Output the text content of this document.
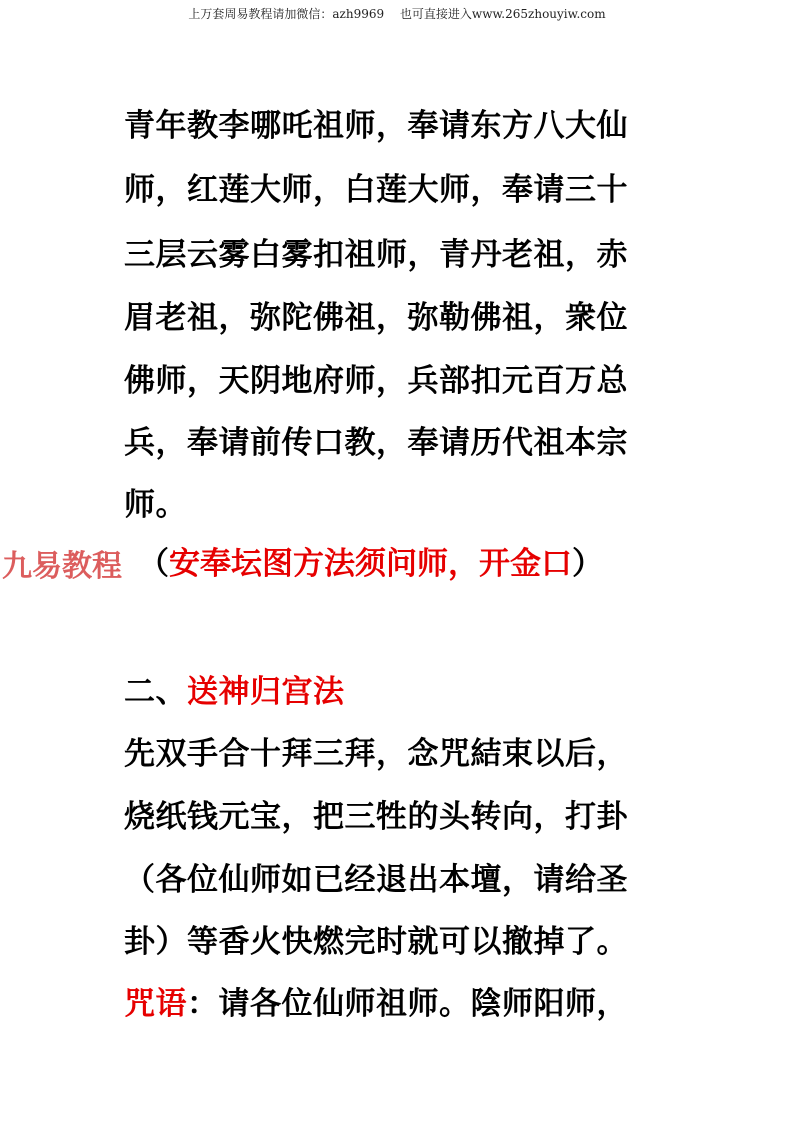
上万套周易教程请加微信：azh9969　 也可直接进入www.265zhouyiw.com
青年教李哪吒祖师，奉请东方八大仙
师，红莲大师，白莲大师，奉请三十
三层云雾白雾扣祖师，青丹老祖，赤
眉老祖，弥陀佛祖，弥勒佛祖，衆位
佛师，天阴地府师，兵部扣元百万总
兵，奉请前传口教，奉请历代祖本宗
师。
九易教程 （安奉坛图方法须问师，开金口）
二、送神归宫法
先双手合十拜三拜，念咒結束以后，
烧纸钱元宝，把三牲的头转向，打卦
（各位仙师如已经退出本壇，请给圣
卦）等香火快燃完时就可以撤掉了。
咒语：请各位仙师祖师。陰师阳师，
